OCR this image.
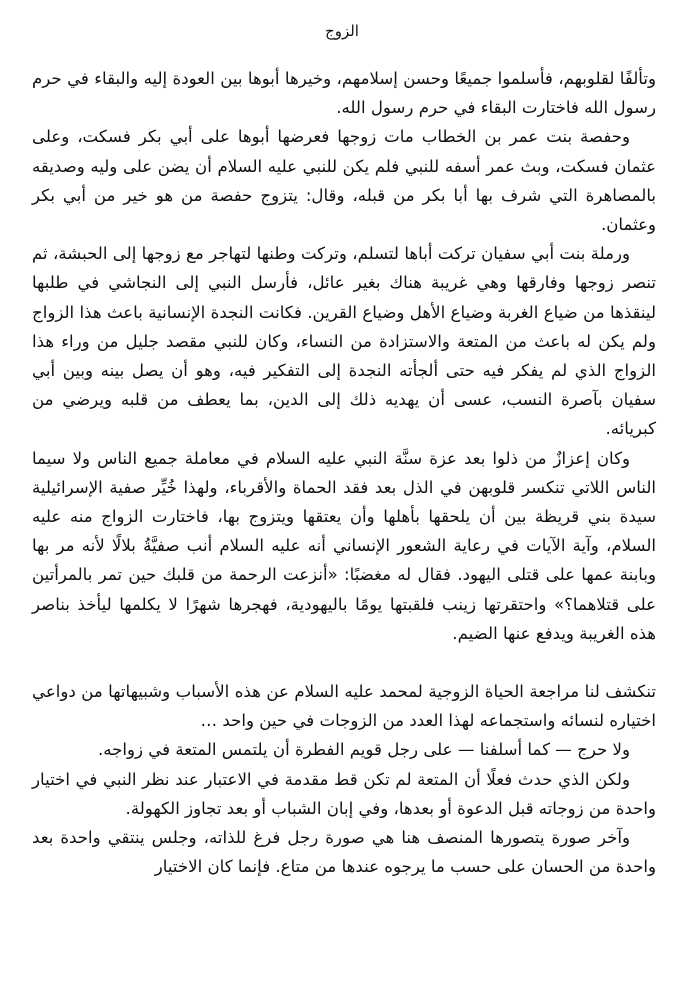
الزوج

وتألفًا لقلوبهم، فأسلموا جميعًا وحسن إسلامهم، وخيرها أبوها بين العودة إليه والبقاء في حرم رسول الله فاختارت البقاء في حرم رسول الله.

وحفصة بنت عمر بن الخطاب مات زوجها فعرضها أبوها على أبي بكر فسكت، وعلى عثمان فسكت، وبث عمر أسفه للنبي فلم يكن للنبي عليه السلام أن يضن على وليه وصديقه بالمصاهرة التي شرف بها أبا بكر من قبله، وقال: يتزوج حفصة من هو خير من أبي بكر وعثمان.

ورملة بنت أبي سفيان تركت أباها لتسلم، وتركت وطنها لتهاجر مع زوجها إلى الحبشة، ثم تنصر زوجها وفارقها وهي غريبة هناك بغير عائل، فأرسل النبي إلى النجاشي في طلبها لينقذها من ضياع الغربة وضياع الأهل وضياع القرين. فكانت النجدة الإنسانية باعث هذا الزواج ولم يكن له باعث من المتعة والاستزادة من النساء، وكان للنبي مقصد جليل من وراء هذا الزواج الذي لم يفكر فيه حتى ألجأته النجدة إلى التفكير فيه، وهو أن يصل بينه وبين أبي سفيان بآصرة النسب، عسى أن يهديه ذلك إلى الدين، بما يعطف من قلبه ويرضي من كبريائه.

وكان إعزازٌ من ذلوا بعد عزة سنَّة النبي عليه السلام في معاملة جميع الناس ولا سيما الناس اللاتي تنكسر قلوبهن في الذل بعد فقد الحماة والأقرباء، ولهذا خُيِّر صفية الإسرائيلية سيدة بني قريظة بين أن يلحقها بأهلها وأن يعتقها ويتزوج بها، فاختارت الزواج منه عليه السلام، وآية الآيات في رعاية الشعور الإنساني أنه عليه السلام أنب صفيَّةُ بلالًا لأنه مر بها وبابنة عمها على قتلى اليهود. فقال له مغضبًا: «أنزعت الرحمة من قلبك حين تمر بالمرأتين على قتلاهما؟» واحتقرتها زينب فلقبتها يومًا باليهودية، فهجرها شهرًا لا يكلمها ليأخذ بناصر هذه الغريبة ويدفع عنها الضيم.

تنكشف لنا مراجعة الحياة الزوجية لمحمد عليه السلام عن هذه الأسباب وشبيهاتها من دواعي اختياره لنسائه واستجماعه لهذا العدد من الزوجات في حين واحد …

ولا حرج — كما أسلفنا — على رجل قويم الفطرة أن يلتمس المتعة في زواجه.

ولكن الذي حدث فعلًا أن المتعة لم تكن قط مقدمة في الاعتبار عند نظر النبي في اختيار واحدة من زوجاته قبل الدعوة أو بعدها، وفي إبان الشباب أو بعد تجاوز الكهولة.

وآخر صورة يتصورها المنصف هنا هي صورة رجل فرغ للذاته، وجلس ينتقي واحدة بعد واحدة من الحسان على حسب ما يرجوه عندها من متاع. فإنما كان الاختيار
